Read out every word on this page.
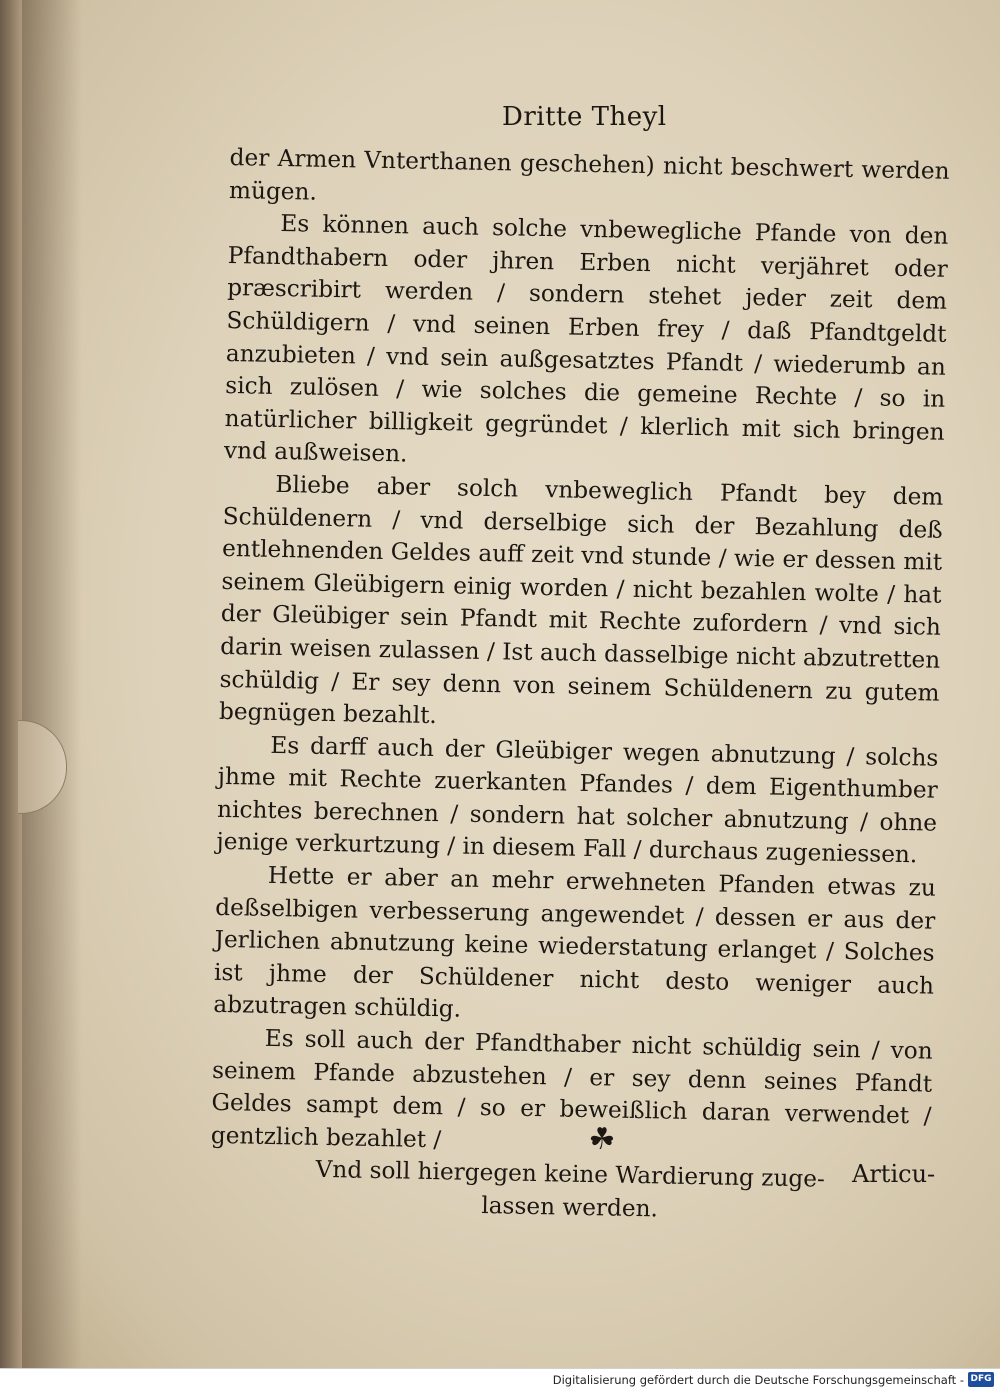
Dritte Theyl

der Armen Vnterthanen geschehen) nicht beschwert werden mügen.

Es können auch solche vnbewegliche Pfande von den Pfandthabern oder jhren Erben nicht verjähret oder præscribirt werden / sondern stehet jeder zeit dem Schüldigern / vnd seinen Erben frey / daß Pfandtgeldt anzubieten / vnd sein außgesatztes Pfandt / wiederumb an sich zulösen / wie solches die gemeine Rechte / so in natürlicher billigkeit gegründet / klerlich mit sich bringen vnd außweisen.

Bliebe aber solch vnbeweglich Pfandt bey dem Schüldenern / vnd derselbige sich der Bezahlung deß entlehnenden Geldes auff zeit vnd stunde / wie er dessen mit seinem Gleübigern einig worden / nicht bezahlen wolte / hat der Gleübiger sein Pfandt mit Rechte zufordern / vnd sich darin weisen zulassen / Ist auch dasselbige nicht abzutretten schüldig / Er sey denn von seinem Schüldenern zu gutem begnügen bezahlt.

Es darff auch der Gleübiger wegen abnutzung / solchs jhme mit Rechte zuerkanten Pfandes / dem Eigenthumber nichtes berechnen / sondern hat solcher abnutzung / ohne jenige verkurtzung / in diesem Fall / durchaus zugeniessen.

Hette er aber an mehr erwehneten Pfanden etwas zu deßselbigen verbesserung angewendet / dessen er aus der Jerlichen abnutzung keine wiederstatung erlanget / Solches ist jhme der Schüldener nicht desto weniger auch abzutragen schüldig.

Es soll auch der Pfandthaber nicht schüldig sein / von seinem Pfande abzustehen / er sey denn seines Pfandt Geldes sampt dem / so er beweißlich daran verwendet / gentzlich bezahlet /

Vnd soll hiergegen keine Wardierung zuge-
lassen werden.

☘
Articu-
Digitalisierung gefördert durch die Deutsche Forschungsgemeinschaft - DFG
